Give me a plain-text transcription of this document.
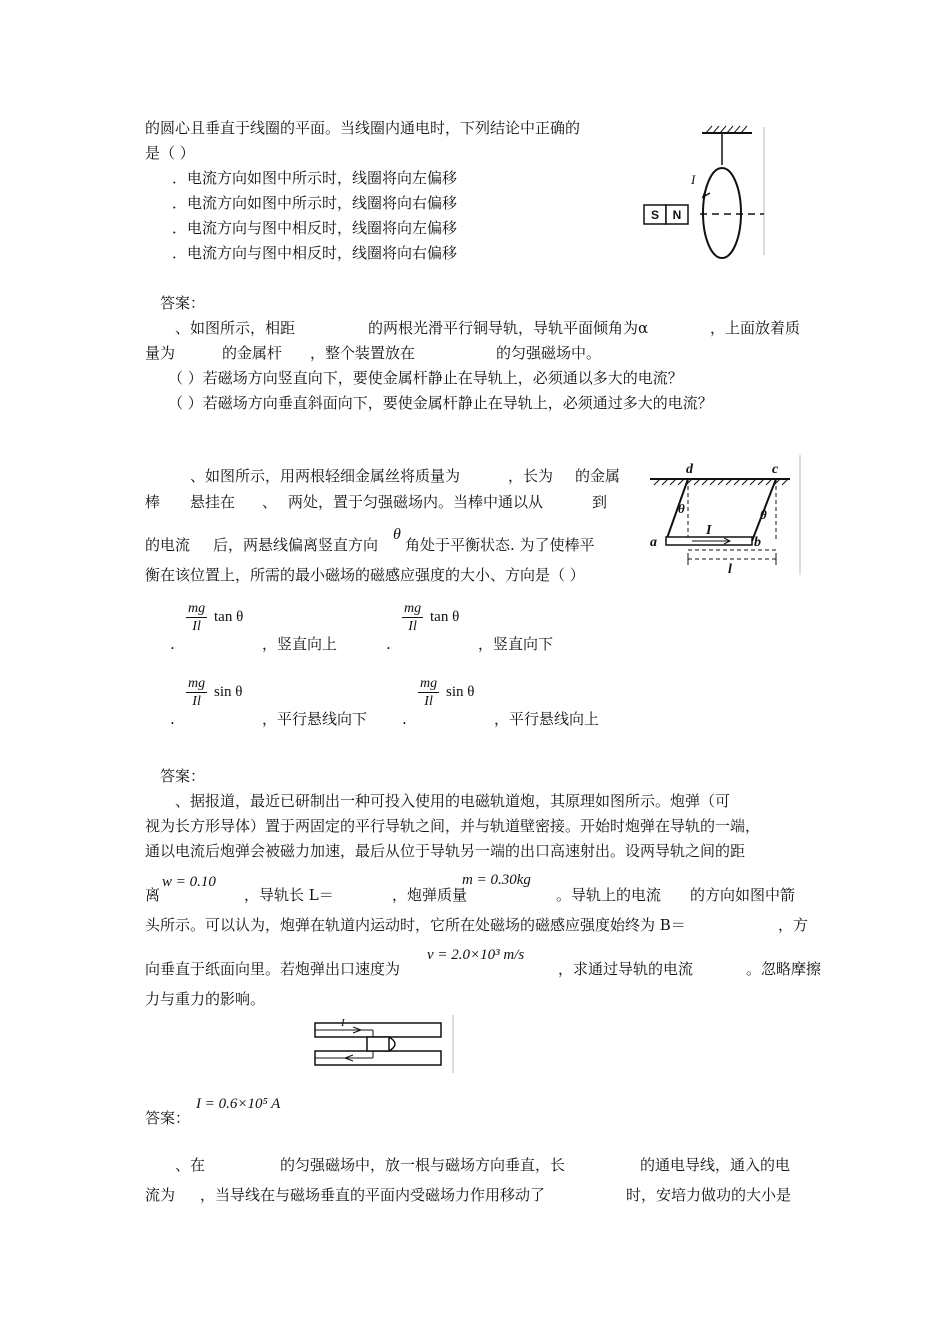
的圆心且垂直于线圈的平面。当线圈内通电时，下列结论中正确的
是（ ）
．电流方向如图中所示时，线圈将向左偏移
．电流方向如图中所示时，线圈将向右偏移
．电流方向与图中相反时，线圈将向左偏移
．电流方向与图中相反时，线圈将向右偏移
S N
I
答案：
、如图所示，相距	的两根光滑平行铜导轨，导轨平面倾角为α	，上面放着质
量为	的金属杆 ，整个装置放在	的匀强磁场中。
（ ）若磁场方向竖直向下，要使金属杆静止在导轨上，必须通以多大的电流？
（ ）若磁场方向垂直斜面向下，要使金属杆静止在导轨上，必须通过多大的电流？
、如图所示，用两根轻细金属丝将质量为	，长为 的金属
棒 悬挂在 、 两处，置于匀强磁场内。当棒中通以从	到
的电流 后，两悬线偏离竖直方向
θ
角处于平衡状态. 为了使棒平
衡在该位置上，所需的最小磁场的磁感应强度的大小、方向是（ ）
d	c
a	b
I
l
θ	θ
.
$\frac{mg}{Il}$ tan θ
，竖直向上	.
$\frac{mg}{Il}$ tan θ
，竖直向下
.
$\frac{mg}{Il}$ sin θ
，平行悬线向下 .
$\frac{mg}{Il}$ sin θ
，平行悬线向上
答案：
、据报道，最近已研制出一种可投入使用的电磁轨道炮，其原理如图所示。炮弹（可
视为长方形导体）置于两固定的平行导轨之间，并与轨道壁密接。开始时炮弹在导轨的一端，
通以电流后炮弹会被磁力加速，最后从位于导轨另一端的出口高速射出。设两导轨之间的距
离
w = 0.10
，导轨长 L＝	，炮弹质量
m = 0.30kg
。导轨上的电流 的方向如图中箭
头所示。可以认为，炮弹在轨道内运动时，它所在处磁场的磁感应强度始终为 B＝	，方
向垂直于纸面向里。若炮弹出口速度为
v = 2.0×10³ m/s
，求通过导轨的电流	。忽略摩擦
力与重力的影响。
I
答案：
I = 0.6×10⁵ A
、在	的匀强磁场中，放一根与磁场方向垂直，长	的通电导线，通入的电
流为 ，当导线在与磁场垂直的平面内受磁场力作用移动了	时，安培力做功的大小是
